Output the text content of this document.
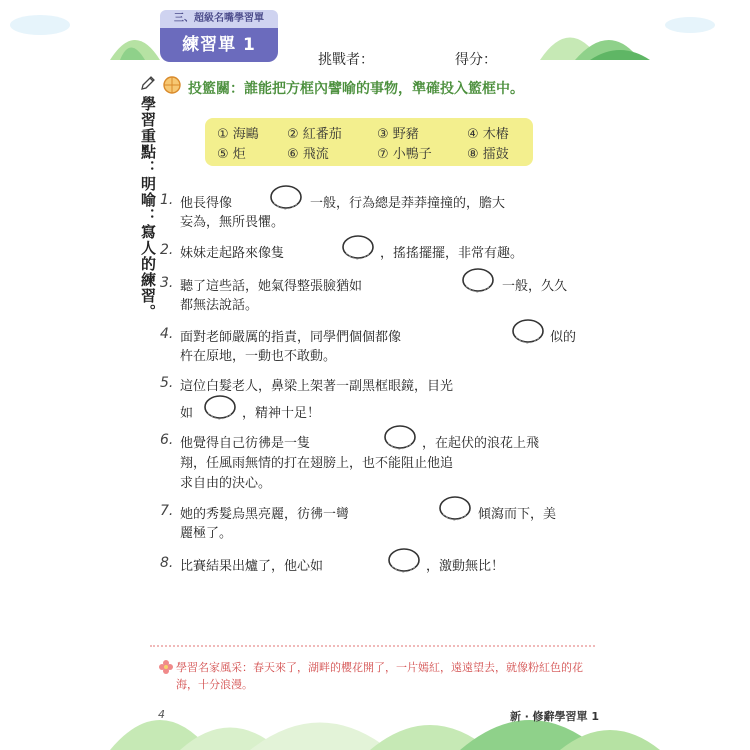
三、超級名嘴學習單
練習單 1
挑戰者：	得分：
學習重點：明喻：寫人的練習。
投籃關：誰能把方框內譬喻的事物，準確投入籃框中。
① 海鷗 ② 紅番茄	③ 野豬	④ 木樁
⑤ 炬	⑥ 飛流	⑦ 小鴨子	⑧ 擂鼓
1. 他長得像	一般，行為總是莽莽撞撞的，膽大
妄為，無所畏懼。
2. 妹妹走起路來像隻	，搖搖擺擺，非常有趣。
3. 聽了這些話，她氣得整張臉猶如	一般，久久
都無法說話。
4. 面對老師嚴厲的指責，同學們個個都像	似的
杵在原地，一動也不敢動。
5. 這位白髮老人，鼻梁上架著一副黑框眼鏡，目光
如	，精神十足！
6. 他覺得自己彷彿是一隻	，在起伏的浪花上飛
翔，任風雨無情的打在翅膀上，也不能阻止他追
求自由的決心。
7. 她的秀髮烏黑亮麗，彷彿一彎	傾瀉而下，美
麗極了。
8. 比賽結果出爐了，他心如	，激動無比！
學習名家風采：春天來了，湖畔的櫻花開了，一片嫣紅，遠遠望去，就像粉紅色的花海，十分浪漫。
4	新 ‧ 修辭學習單 1
